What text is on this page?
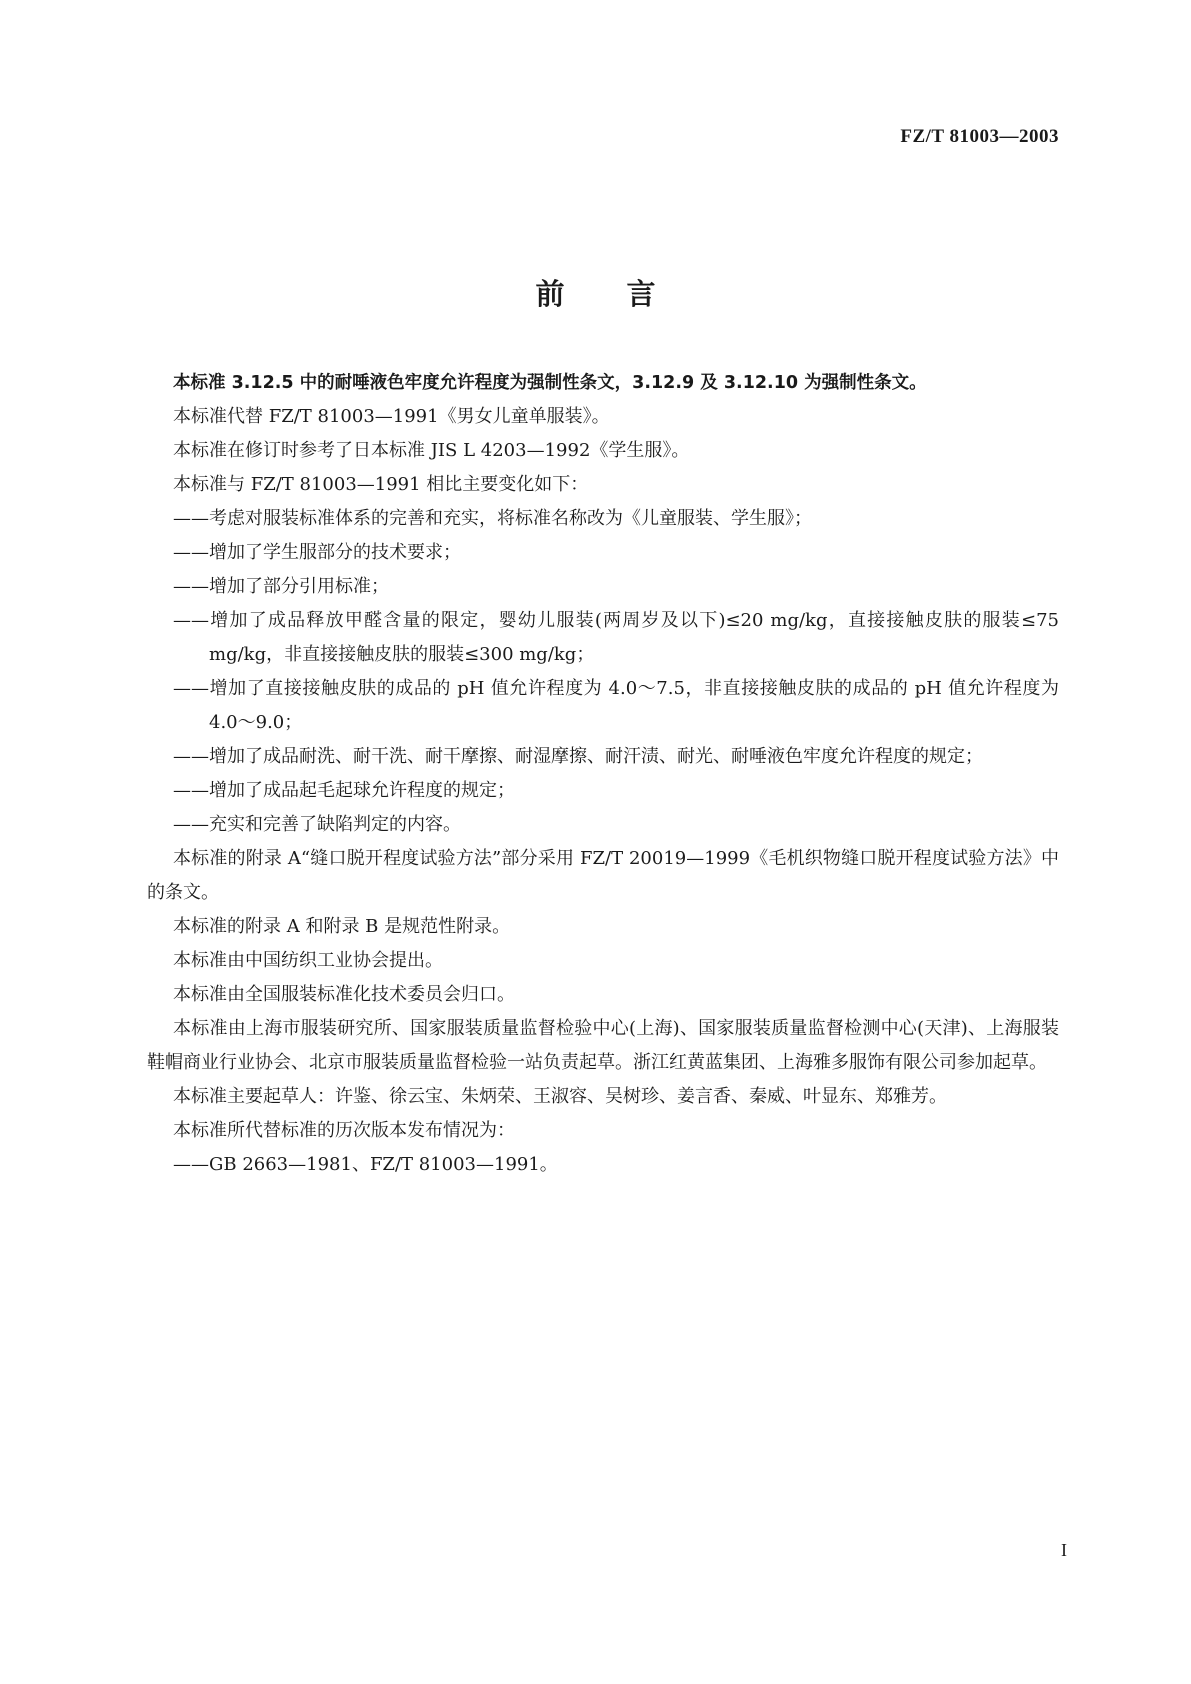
FZ/T 81003—2003
前言

本标准 3.12.5 中的耐唾液色牢度允许程度为强制性条文，3.12.9 及 3.12.10 为强制性条文。

本标准代替 FZ/T 81003—1991《男女儿童单服装》。

本标准在修订时参考了日本标准 JIS L 4203—1992《学生服》。

本标准与 FZ/T 81003—1991 相比主要变化如下：

——考虑对服装标准体系的完善和充实，将标准名称改为《儿童服装、学生服》；

——增加了学生服部分的技术要求；

——增加了部分引用标准；

——增加了成品释放甲醛含量的限定，婴幼儿服装(两周岁及以下)≤20 mg/kg，直接接触皮肤的服装≤75 mg/kg，非直接接触皮肤的服装≤300 mg/kg；

——增加了直接接触皮肤的成品的 pH 值允许程度为 4.0～7.5，非直接接触皮肤的成品的 pH 值允许程度为 4.0～9.0；

——增加了成品耐洗、耐干洗、耐干摩擦、耐湿摩擦、耐汗渍、耐光、耐唾液色牢度允许程度的规定；

——增加了成品起毛起球允许程度的规定；

——充实和完善了缺陷判定的内容。

本标准的附录 A“缝口脱开程度试验方法”部分采用 FZ/T 20019—1999《毛机织物缝口脱开程度试验方法》中的条文。

本标准的附录 A 和附录 B 是规范性附录。

本标准由中国纺织工业协会提出。

本标准由全国服装标准化技术委员会归口。

本标准由上海市服装研究所、国家服装质量监督检验中心(上海)、国家服装质量监督检测中心(天津)、上海服装鞋帽商业行业协会、北京市服装质量监督检验一站负责起草。浙江红黄蓝集团、上海雅多服饰有限公司参加起草。

本标准主要起草人：许鉴、徐云宝、朱炳荣、王淑容、吴树珍、姜言香、秦威、叶显东、郑雅芳。

本标准所代替标准的历次版本发布情况为：

——GB 2663—1981、FZ/T 81003—1991。

I
